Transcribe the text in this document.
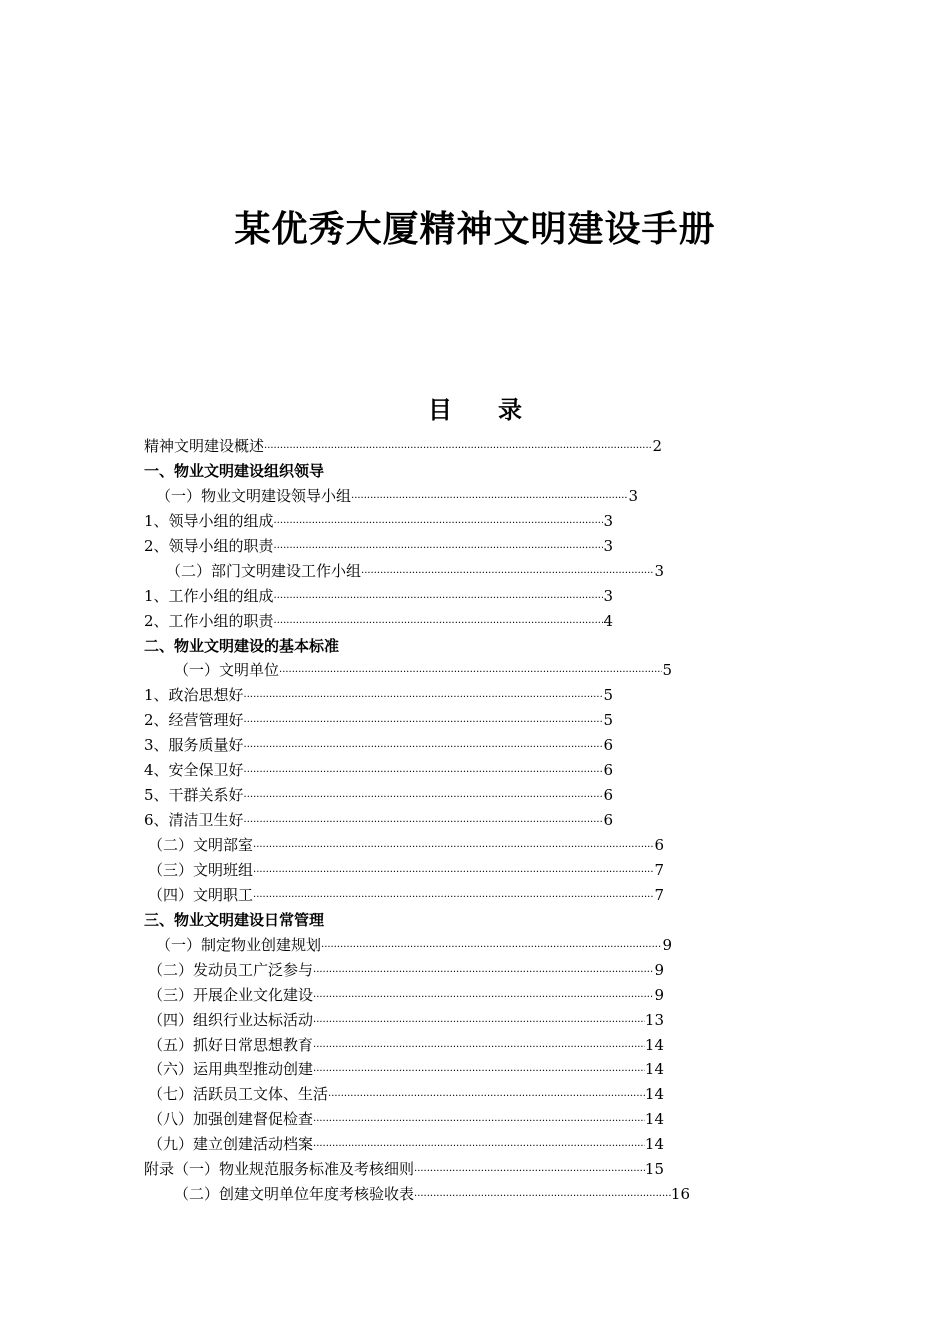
某优秀大厦精神文明建设手册
目 录
精神文明建设概述 ·····	2
一、物业文明建设组织领导
（一）物业文明建设领导小组 ·····	3
1、领导小组的组成 ·····	3
2、领导小组的职责 ·····	3
（二）部门文明建设工作小组 ·····	3
1、工作小组的组成 ·····	3
2、工作小组的职责 ·····	4
二、物业文明建设的基本标准
（一）文明单位 ·····	5
1、政治思想好 ·····	5
2、经营管理好 ·····	5
3、服务质量好 ·····	6
4、安全保卫好 ·····	6
5、干群关系好 ·····	6
6、清洁卫生好 ·····	6
（二）文明部室 ·····	6
（三）文明班组 ·····	7
（四）文明职工 ·····	7
三、物业文明建设日常管理
（一）制定物业创建规划 ·····	9
（二）发动员工广泛参与 ·····	9
（三）开展企业文化建设 ·····	9
（四）组织行业达标活动 ·····	13
（五）抓好日常思想教育 ·····	14
（六）运用典型推动创建 ·····	14
（七）活跃员工文体、生活 ·····	14
（八）加强创建督促检查 ·····	14
（九）建立创建活动档案 ·····	14
附录（一）物业规范服务标准及考核细则 ·····	15
（二）创建文明单位年度考核验收表 ·····	16
